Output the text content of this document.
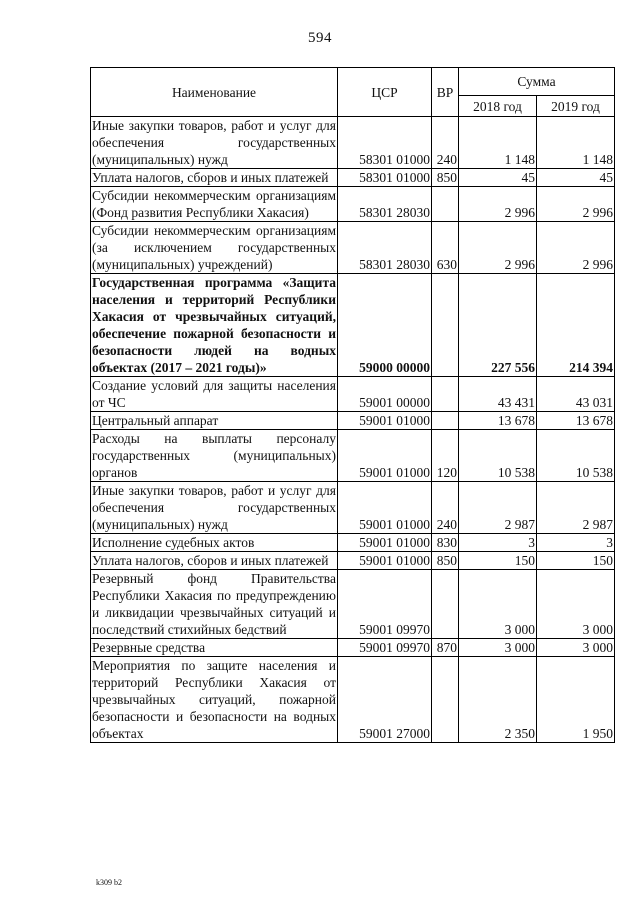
594
Наименование	ЦСР	ВР	Сумма	
			2018 год	2019 год
Иные закупки товаров, работ и услуг для обеспечения государственных (муниципальных) нужд	58301 01000	240	1 148	1 148
Уплата налогов, сборов и иных платежей	58301 01000	850	45	45
Субсидии некоммерческим организациям (Фонд развития Республики Хакасия)	58301 28030		2 996	2 996
Субсидии некоммерческим организациям (за исключением государственных (муниципальных) учреждений)	58301 28030	630	2 996	2 996
Государственная программа «Защита населения и территорий Республики Хакасия от чрезвычайных ситуаций, обеспечение пожарной безопасности и безопасности людей на водных объектах (2017 – 2021 годы)»	59000 00000		227 556	214 394
Создание условий для защиты населения от ЧС	59001 00000		43 431	43 031
Центральный аппарат	59001 01000		13 678	13 678
Расходы на выплаты персоналу государственных (муниципальных) органов	59001 01000	120	10 538	10 538
Иные закупки товаров, работ и услуг для обеспечения государственных (муниципальных) нужд	59001 01000	240	2 987	2 987
Исполнение судебных актов	59001 01000	830	3	3
Уплата налогов, сборов и иных платежей	59001 01000	850	150	150
Резервный фонд Правительства Республики Хакасия по предупреждению и ликвидации чрезвычайных ситуаций и последствий стихийных бедствий	59001 09970		3 000	3 000
Резервные средства	59001 09970	870	3 000	3 000
Мероприятия по защите населения и территорий Республики Хакасия от чрезвычайных ситуаций, пожарной безопасности и безопасности на водных объектах	59001 27000		2 350	1 950
k309 b2
